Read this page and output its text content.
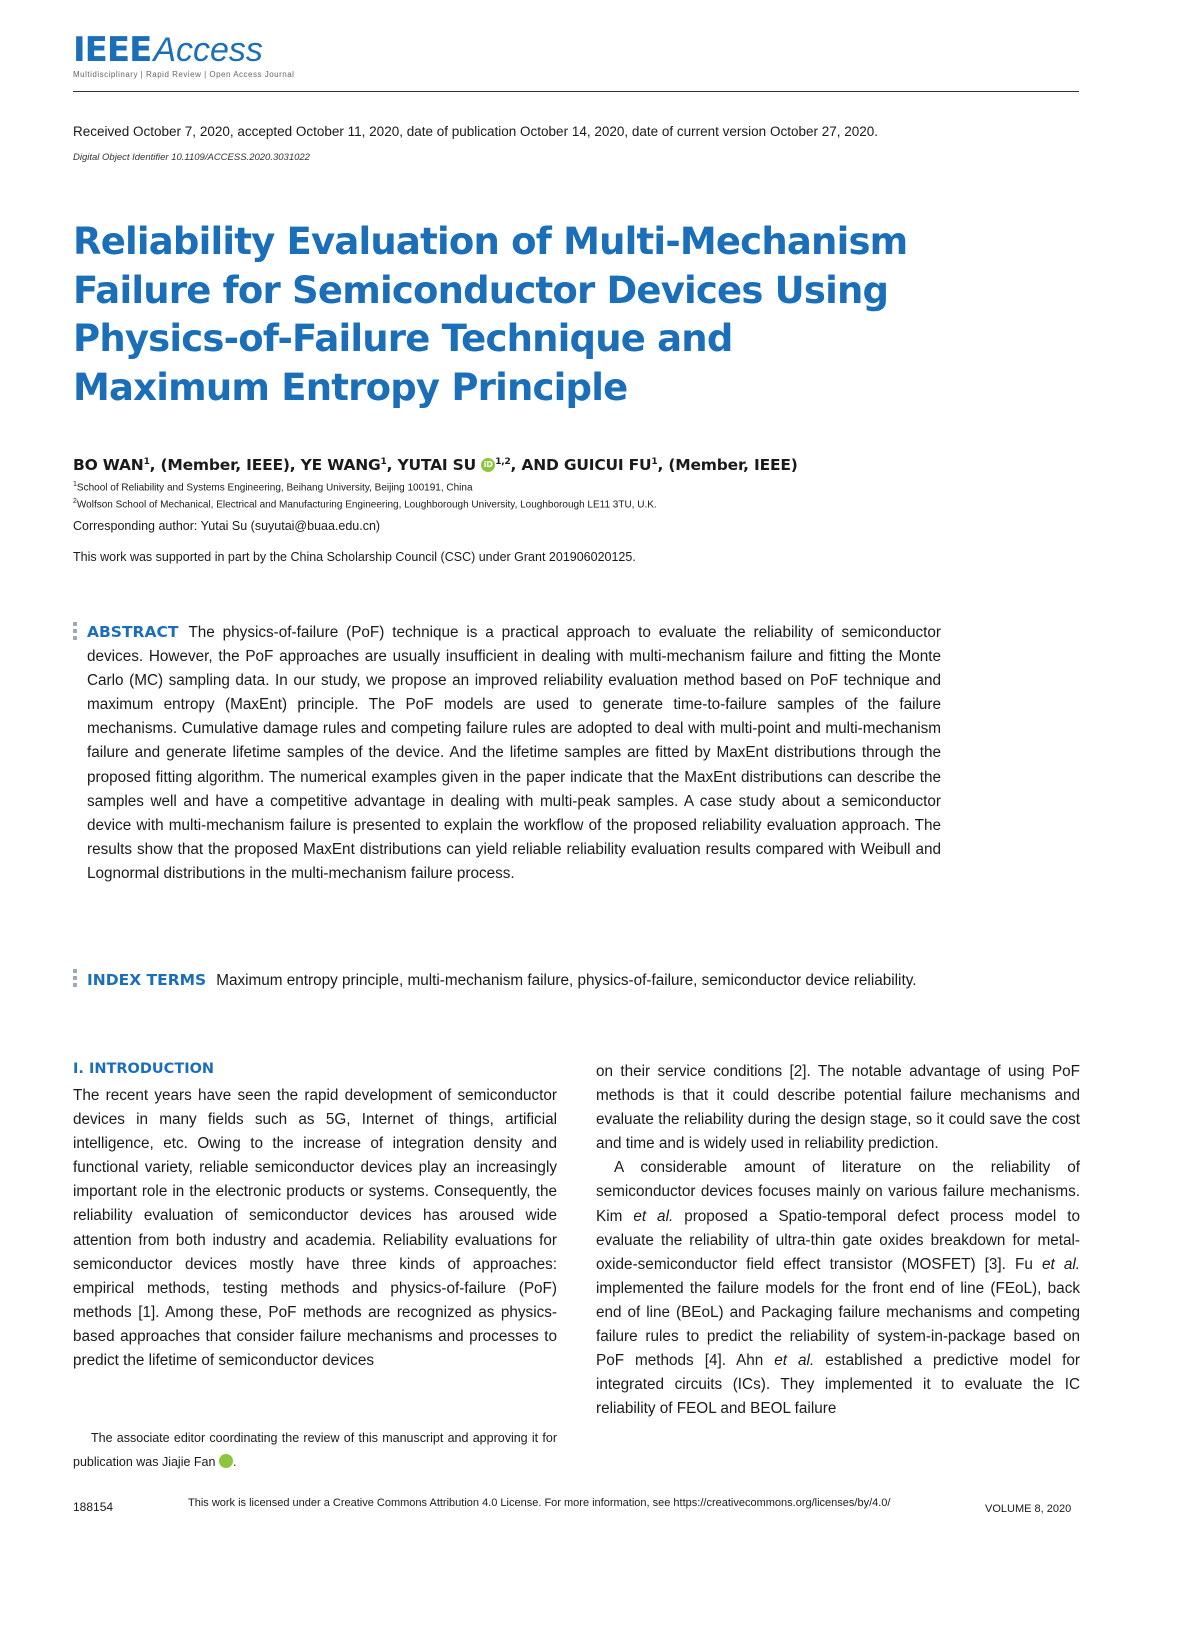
IEEEAccess
Multidisciplinary | Rapid Review | Open Access Journal
Received October 7, 2020, accepted October 11, 2020, date of publication October 14, 2020, date of current version October 27, 2020.
Digital Object Identifier 10.1109/ACCESS.2020.3031022
Reliability Evaluation of Multi-Mechanism
Failure for Semiconductor Devices Using
Physics-of-Failure Technique and
Maximum Entropy Principle
BO WAN$^1$, (Member, IEEE), YE WANG$^1$, YUTAI SU iD $^{1,2}$, AND GUICUI $FU^1$, (Member, IEEE)
$^1$School of Reliability and Systems Engineering, Beihang University, Beijing 100191, China
$^2$Wolfson School of Mechanical, Electrical and Manufacturing Engineering, Loughborough University, Loughborough LE11 3TU, U.K.
Corresponding author: Yutai Su (suyutai@buaa.edu.cn)
This work was supported in part by the China Scholarship Council (CSC) under Grant 201906020125.
ABSTRACT The physics-of-failure (PoF) technique is a practical approach to evaluate the reliability of semiconductor devices. However, the PoF approaches are usually insufficient in dealing with multi-mechanism failure and fitting the Monte Carlo (MC) sampling data. In our study, we propose an improved reliability evaluation method based on PoF technique and maximum entropy (MaxEnt) principle. The PoF models are used to generate time-to-failure samples of the failure mechanisms. Cumulative damage rules and competing failure rules are adopted to deal with multi-point and multi-mechanism failure and generate lifetime samples of the device. And the lifetime samples are fitted by MaxEnt distributions through the proposed fitting algorithm. The numerical examples given in the paper indicate that the MaxEnt distributions can describe the samples well and have a competitive advantage in dealing with multi-peak samples. A case study about a semiconductor device with multi-mechanism failure is presented to explain the workflow of the proposed reliability evaluation approach. The results show that the proposed MaxEnt distributions can yield reliable reliability evaluation results compared with Weibull and Lognormal distributions in the multi-mechanism failure process.
INDEX TERMS Maximum entropy principle, multi-mechanism failure, physics-of-failure, semiconductor device reliability.
I. INTRODUCTION

The recent years have seen the rapid development of semiconductor devices in many fields such as 5G, Internet of things, artificial intelligence, etc. Owing to the increase of integration density and functional variety, reliable semiconductor devices play an increasingly important role in the electronic products or systems. Consequently, the reliability evaluation of semiconductor devices has aroused wide attention from both industry and academia. Reliability evaluations for semiconductor devices mostly have three kinds of approaches: empirical methods, testing methods and physics-of-failure (PoF) methods [1]. Among these, PoF methods are recognized as physics-based approaches that consider failure mechanisms and processes to predict the lifetime of semiconductor devices

The associate editor coordinating the review of this manuscript and approving it for publication was Jiajie Fan	iD.

on their service conditions [2]. The notable advantage of using PoF methods is that it could describe potential failure mechanisms and evaluate the reliability during the design stage, so it could save the cost and time and is widely used in reliability prediction.

A considerable amount of literature on the reliability of semiconductor devices focuses mainly on various failure mechanisms. Kim et al. proposed a Spatio-temporal defect process model to evaluate the reliability of ultra-thin gate oxides breakdown for metal-oxide-semiconductor field effect transistor (MOSFET) [3]. Fu et al. implemented the failure models for the front end of line (FEoL), back end of line (BEoL) and Packaging failure mechanisms and competing failure rules to predict the reliability of system-in-package based on PoF methods [4]. Ahn et al. established a predictive model for integrated circuits (ICs). They implemented it to evaluate the IC reliability of FEOL and BEOL failure

188154	This work is licensed under a Creative Commons Attribution 4.0 License. For more information, see https://creativecommons.org/licenses/by/4.0/	VOLUME 8, 2020
